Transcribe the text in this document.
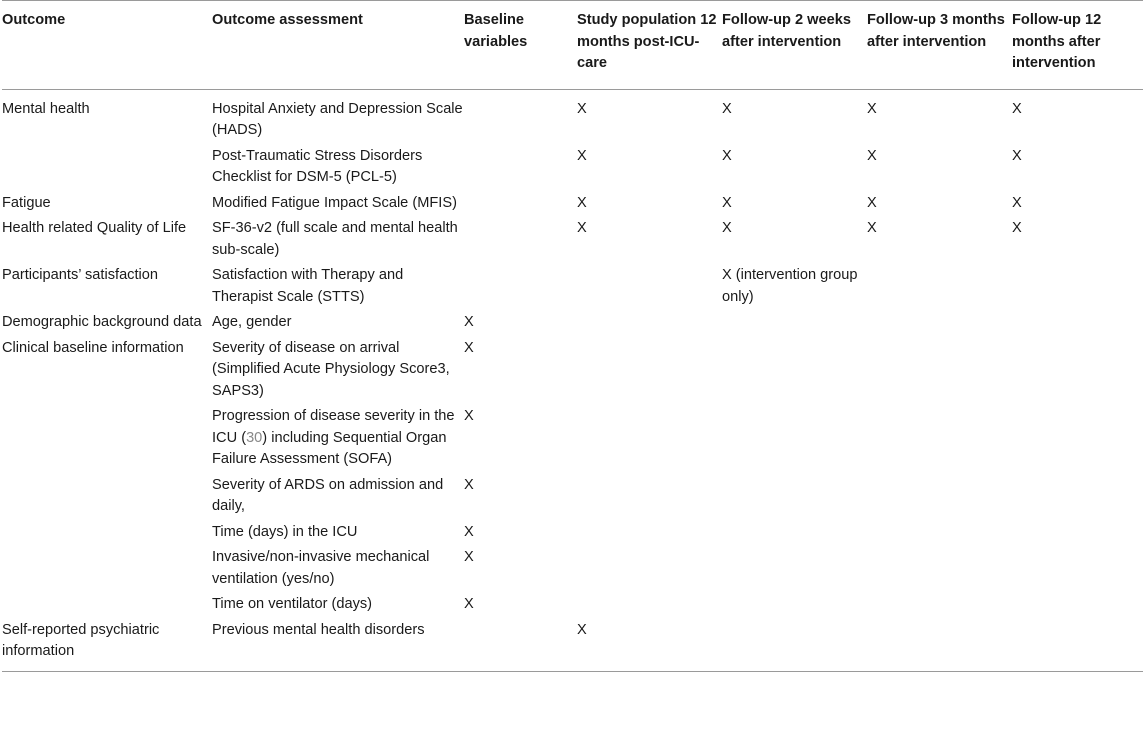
Outcome	Outcome assessment	Baseline variables	Study population 12 months post-ICU-care	Follow-up 2 weeks after intervention	Follow-up 3 months after intervention	Follow-up 12 months after intervention
Mental health	Hospital Anxiety and Depression Scale (HADS)		X	X	X	X
	Post-Traumatic Stress Disorders Checklist for DSM-5 (PCL-5)		X	X	X	X
Fatigue	Modified Fatigue Impact Scale (MFIS)		X	X	X	X
Health related Quality of Life	SF-36-v2 (full scale and mental health sub-scale)		X	X	X	X
Participants’ satisfaction	Satisfaction with Therapy and Therapist Scale (STTS)			X (intervention group only)		
Demographic background data	Age, gender	X				
Clinical baseline information	Severity of disease on arrival (Simplified Acute Physiology Score3, SAPS3)	X				
	Progression of disease severity in the ICU (30) including Sequential Organ Failure Assessment (SOFA)	X				
	Severity of ARDS on admission and daily,	X				
	Time (days) in the ICU	X				
	Invasive/non-invasive mechanical ventilation (yes/no)	X				
	Time on ventilator (days)	X				
Self-reported psychiatric information	Previous mental health disorders		X			
